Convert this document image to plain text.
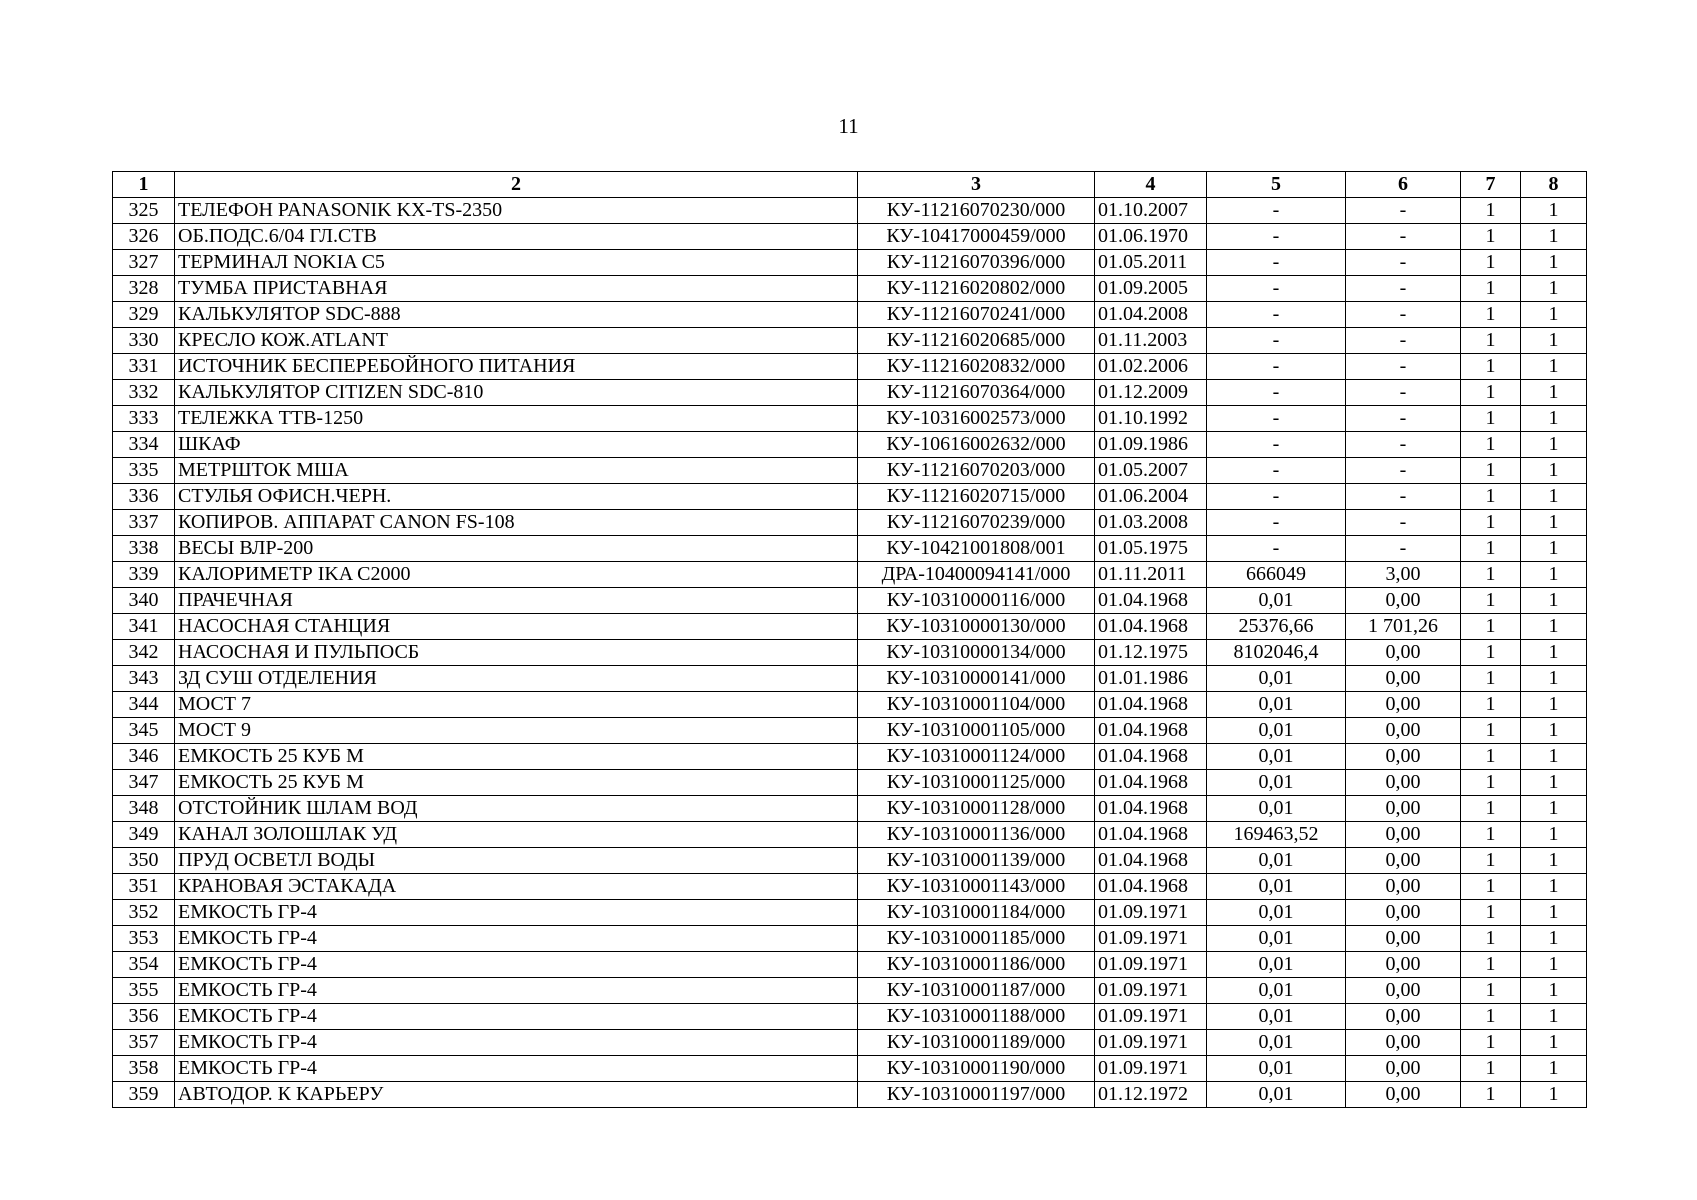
11
1	2	3	4	5	6	7	8
325	ТЕЛЕФОН PANASONIK KX-TS-2350	КУ-11216070230/000	01.10.2007	-	-	1	1
326	ОБ.ПОДС.6/04 ГЛ.СТВ	КУ-10417000459/000	01.06.1970	-	-	1	1
327	ТЕРМИНАЛ NOKIA C5	КУ-11216070396/000	01.05.2011	-	-	1	1
328	ТУМБА ПРИСТАВНАЯ	КУ-11216020802/000	01.09.2005	-	-	1	1
329	КАЛЬКУЛЯТОР SDC-888	КУ-11216070241/000	01.04.2008	-	-	1	1
330	КРЕСЛО КОЖ.ATLANT	КУ-11216020685/000	01.11.2003	-	-	1	1
331	ИСТОЧНИК БЕСПЕРЕБОЙНОГО ПИТАНИЯ	КУ-11216020832/000	01.02.2006	-	-	1	1
332	КАЛЬКУЛЯТОР CITIZEN SDC-810	КУ-11216070364/000	01.12.2009	-	-	1	1
333	ТЕЛЕЖКА ТТВ-1250	КУ-10316002573/000	01.10.1992	-	-	1	1
334	ШКАФ	КУ-10616002632/000	01.09.1986	-	-	1	1
335	МЕТРШТОК МША	КУ-11216070203/000	01.05.2007	-	-	1	1
336	СТУЛЬЯ ОФИСН.ЧЕРН.	КУ-11216020715/000	01.06.2004	-	-	1	1
337	КОПИРОВ. АППАРАТ CANON FS-108	КУ-11216070239/000	01.03.2008	-	-	1	1
338	ВЕСЫ ВЛР-200	КУ-10421001808/001	01.05.1975	-	-	1	1
339	КАЛОРИМЕТР IKA C2000	ДРА-10400094141/000	01.11.2011	666049	3,00	1	1
340	ПРАЧЕЧНАЯ	КУ-10310000116/000	01.04.1968	0,01	0,00	1	1
341	НАСОСНАЯ СТАНЦИЯ	КУ-10310000130/000	01.04.1968	25376,66	1 701,26	1	1
342	НАСОСНАЯ И ПУЛЬПОСБ	КУ-10310000134/000	01.12.1975	8102046,4	0,00	1	1
343	ЗД СУШ ОТДЕЛЕНИЯ	КУ-10310000141/000	01.01.1986	0,01	0,00	1	1
344	МОСТ 7	КУ-10310001104/000	01.04.1968	0,01	0,00	1	1
345	МОСТ 9	КУ-10310001105/000	01.04.1968	0,01	0,00	1	1
346	ЕМКОСТЬ 25 КУБ М	КУ-10310001124/000	01.04.1968	0,01	0,00	1	1
347	ЕМКОСТЬ 25 КУБ М	КУ-10310001125/000	01.04.1968	0,01	0,00	1	1
348	ОТСТОЙНИК ШЛАМ ВОД	КУ-10310001128/000	01.04.1968	0,01	0,00	1	1
349	КАНАЛ ЗОЛОШЛАК УД	КУ-10310001136/000	01.04.1968	169463,52	0,00	1	1
350	ПРУД ОСВЕТЛ ВОДЫ	КУ-10310001139/000	01.04.1968	0,01	0,00	1	1
351	КРАНОВАЯ ЭСТАКАДА	КУ-10310001143/000	01.04.1968	0,01	0,00	1	1
352	ЕМКОСТЬ ГР-4	КУ-10310001184/000	01.09.1971	0,01	0,00	1	1
353	ЕМКОСТЬ ГР-4	КУ-10310001185/000	01.09.1971	0,01	0,00	1	1
354	ЕМКОСТЬ ГР-4	КУ-10310001186/000	01.09.1971	0,01	0,00	1	1
355	ЕМКОСТЬ ГР-4	КУ-10310001187/000	01.09.1971	0,01	0,00	1	1
356	ЕМКОСТЬ ГР-4	КУ-10310001188/000	01.09.1971	0,01	0,00	1	1
357	ЕМКОСТЬ ГР-4	КУ-10310001189/000	01.09.1971	0,01	0,00	1	1
358	ЕМКОСТЬ ГР-4	КУ-10310001190/000	01.09.1971	0,01	0,00	1	1
359	АВТОДОР. К КАРЬЕРУ	КУ-10310001197/000	01.12.1972	0,01	0,00	1	1
